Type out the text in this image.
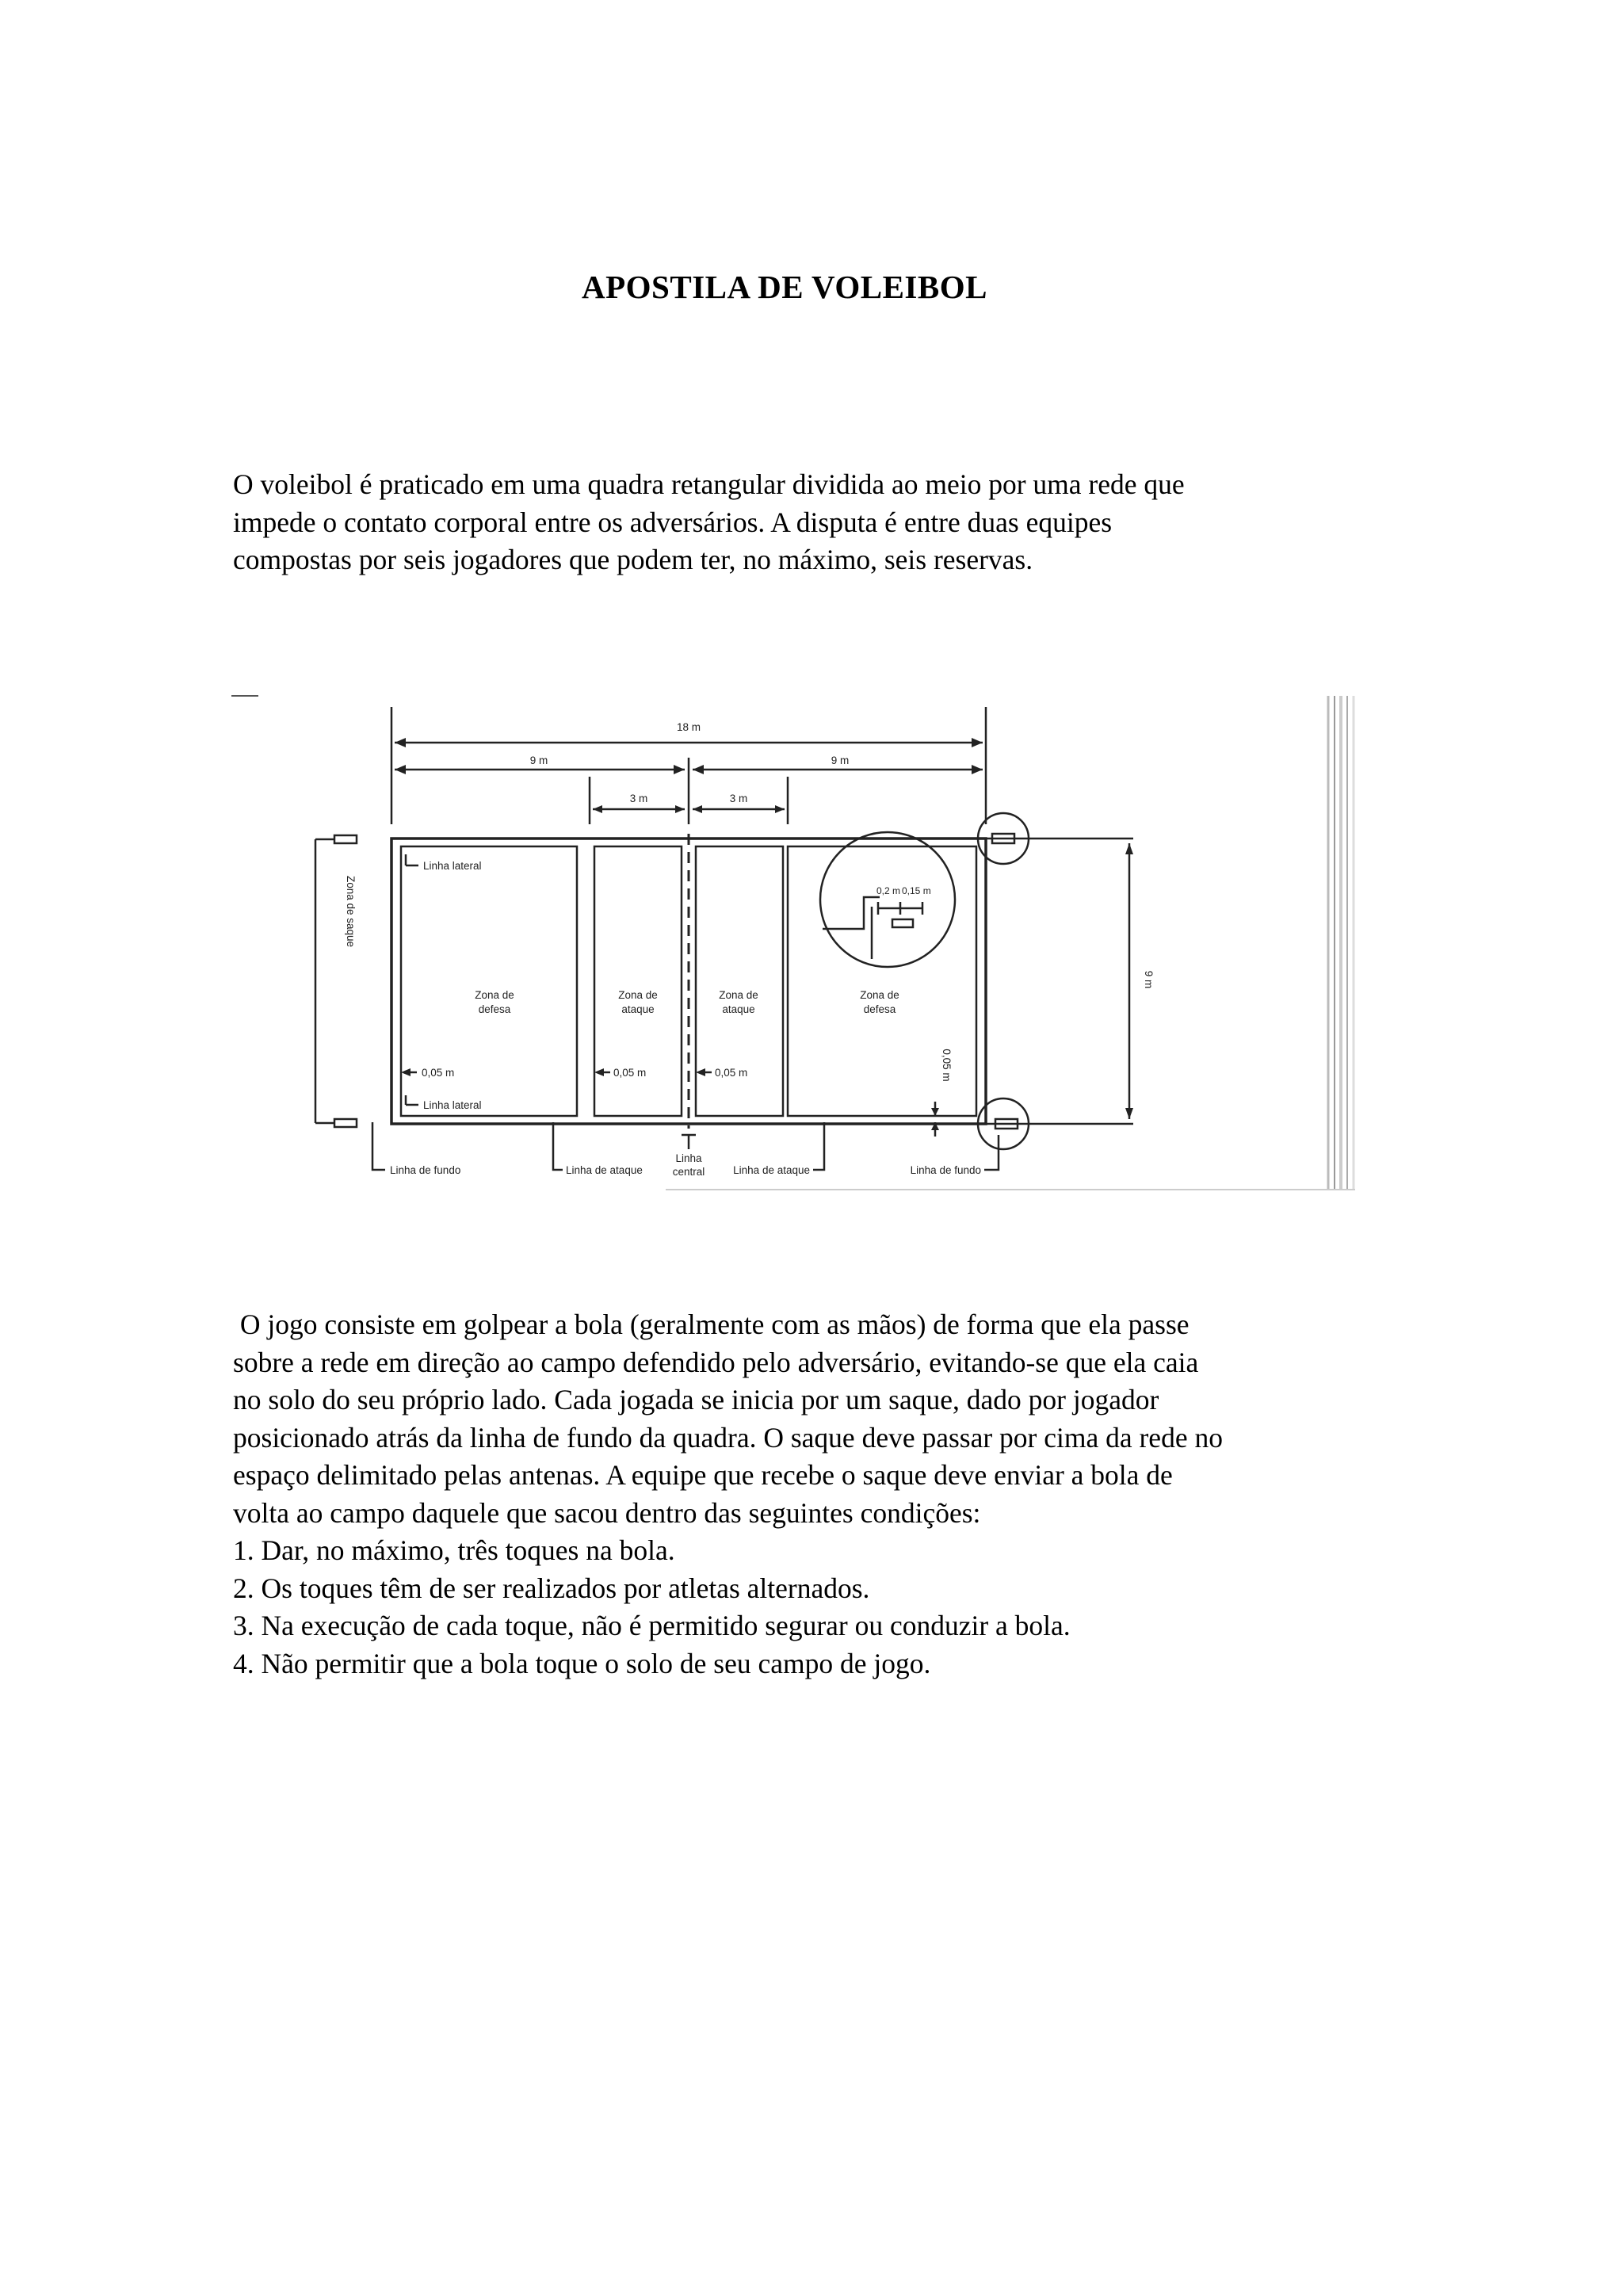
APOSTILA DE VOLEIBOL

O voleibol é praticado em uma quadra retangular dividida ao meio por uma rede que
impede o contato corporal entre os adversários. A disputa é entre duas equipes
compostas por seis jogadores que podem ter, no máximo, seis reservas.

18 m
9 m	9 m
3 m	3 m
9 m
Zona de saque
Linha lateral
Linha lateral
Zona de
defesa
Zona de
ataque
Zona de
ataque
Zona de
defesa
0,2 m 0,15 m
0,05 m	0,05 m	0,05 m	0,05 m
Linha de fundo	Linha de ataque
Linha
central	Linha de ataque	Linha de fundo

O jogo consiste em golpear a bola (geralmente com as mãos) de forma que ela passe
sobre a rede em direção ao campo defendido pelo adversário, evitando-se que ela caia
no solo do seu próprio lado. Cada jogada se inicia por um saque, dado por jogador
posicionado atrás da linha de fundo da quadra. O saque deve passar por cima da rede no
espaço delimitado pelas antenas. A equipe que recebe o saque deve enviar a bola de
volta ao campo daquele que sacou dentro das seguintes condições:
1. Dar, no máximo, três toques na bola.
2. Os toques têm de ser realizados por atletas alternados.
3. Na execução de cada toque, não é permitido segurar ou conduzir a bola.
4. Não permitir que a bola toque o solo de seu campo de jogo.
